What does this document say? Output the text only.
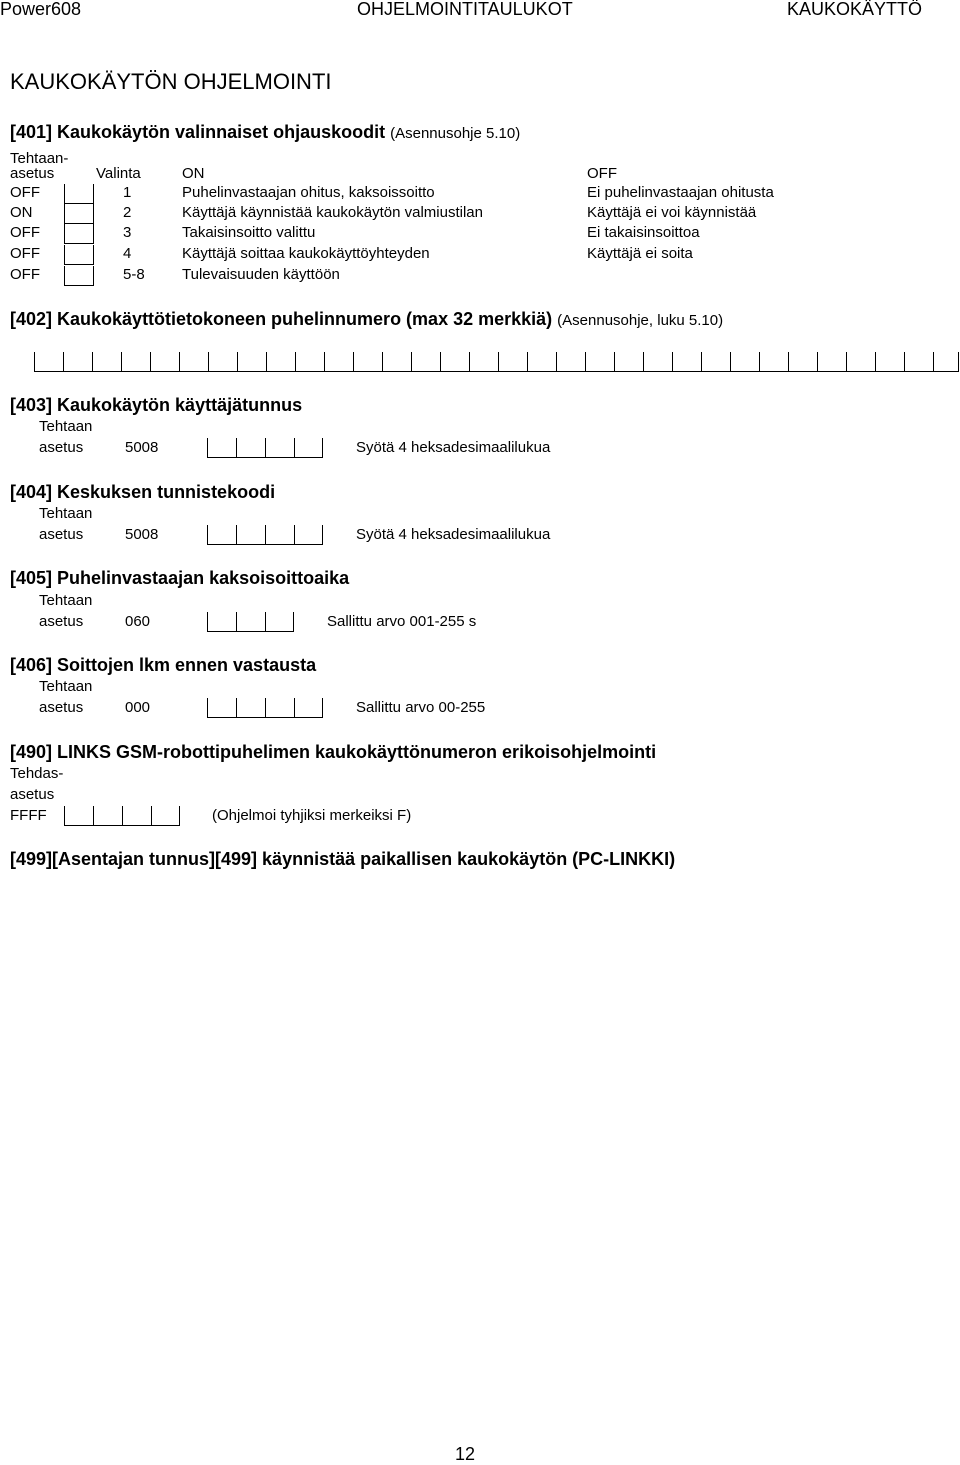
Power608	OHJELMOINTITAULUKOT	KAUKOKÄYTTÖ
KAUKOKÄYTÖN OHJELMOINTI
[401] Kaukokäytön valinnaiset ohjauskoodit (Asennusohje 5.10)
Tehtaan-
asetus	Valinta	ON	OFF
OFF	1	Puhelinvastaajan ohitus, kaksoissoitto	Ei puhelinvastaajan ohitusta
ON	2	Käyttäjä käynnistää kaukokäytön valmiustilan	Käyttäjä ei voi käynnistää
OFF	3	Takaisinsoitto valittu	Ei takaisinsoittoa
OFF	4	Käyttäjä soittaa kaukokäyttöyhteyden	Käyttäjä ei soita
OFF	5-8 Tulevaisuuden käyttöön
[402] Kaukokäyttötietokoneen puhelinnumero (max 32 merkkiä) (Asennusohje, luku 5.10)
[403] Kaukokäytön käyttäjätunnus
Tehtaan
asetus	5008	Syötä 4 heksadesimaalilukua
[404] Keskuksen tunnistekoodi
Tehtaan
asetus	5008	Syötä 4 heksadesimaalilukua
[405] Puhelinvastaajan kaksoisoittoaika
Tehtaan
asetus	060	Sallittu arvo 001-255 s
[406] Soittojen lkm ennen vastausta
Tehtaan
asetus	000	Sallittu arvo 00-255
[490] LINKS GSM-robottipuhelimen kaukokäyttönumeron erikoisohjelmointi
Tehdas-
asetus
FFFF	(Ohjelmoi tyhjiksi merkeiksi F)
[499][Asentajan tunnus][499] käynnistää paikallisen kaukokäytön (PC-LINKKI)
12
